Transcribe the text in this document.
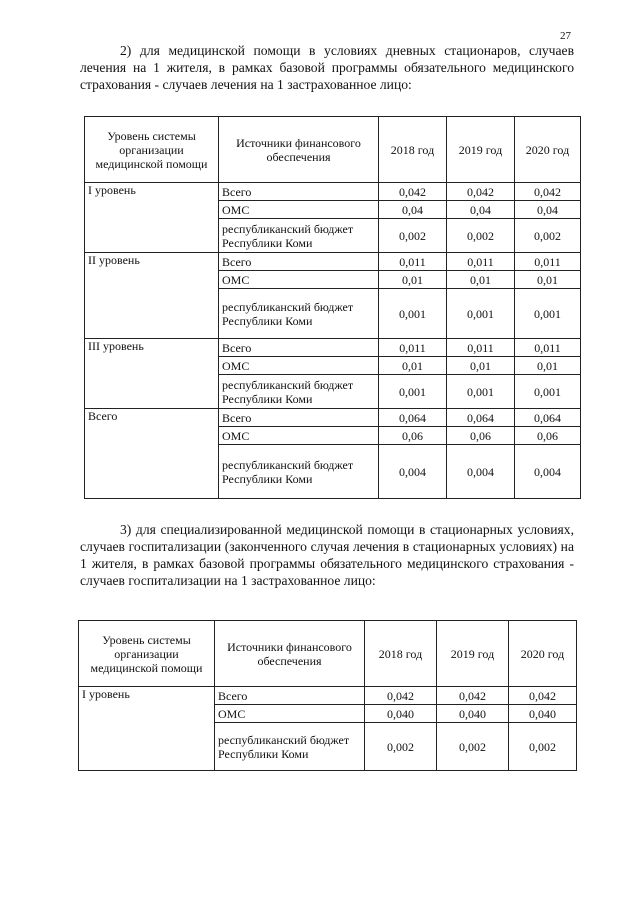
27

2) для медицинской помощи в условиях дневных стационаров, случаев лечения на 1 жителя, в рамках базовой программы обязательного медицинского страхования - случаев лечения на 1 застрахованное лицо:

Уровень системы организации медицинской помощи	Источники финансового обеспечения	2018 год	2019 год	2020 год
I уровень	Всего	0,042	0,042	0,042
	ОМС	0,04	0,04	0,04
	республиканский бюджет Республики Коми	0,002	0,002	0,002
II уровень	Всего	0,011	0,011	0,011
	ОМС	0,01	0,01	0,01
	республиканский бюджет Республики Коми	0,001	0,001	0,001
III уровень	Всего	0,011	0,011	0,011
	ОМС	0,01	0,01	0,01
	республиканский бюджет Республики Коми	0,001	0,001	0,001
Всего	Всего	0,064	0,064	0,064
	ОМС	0,06	0,06	0,06
	республиканский бюджет Республики Коми	0,004	0,004	0,004

3) для специализированной медицинской помощи в стационарных условиях, случаев госпитализации (законченного случая лечения в стационарных условиях) на 1 жителя, в рамках базовой программы обязательного медицинского страхования - случаев госпитализации на 1 застрахованное лицо:

Уровень системы организации медицинской помощи	Источники финансового обеспечения	2018 год	2019 год	2020 год
I уровень	Всего	0,042	0,042	0,042
	ОМС	0,040	0,040	0,040
	республиканский бюджет Республики Коми	0,002	0,002	0,002
